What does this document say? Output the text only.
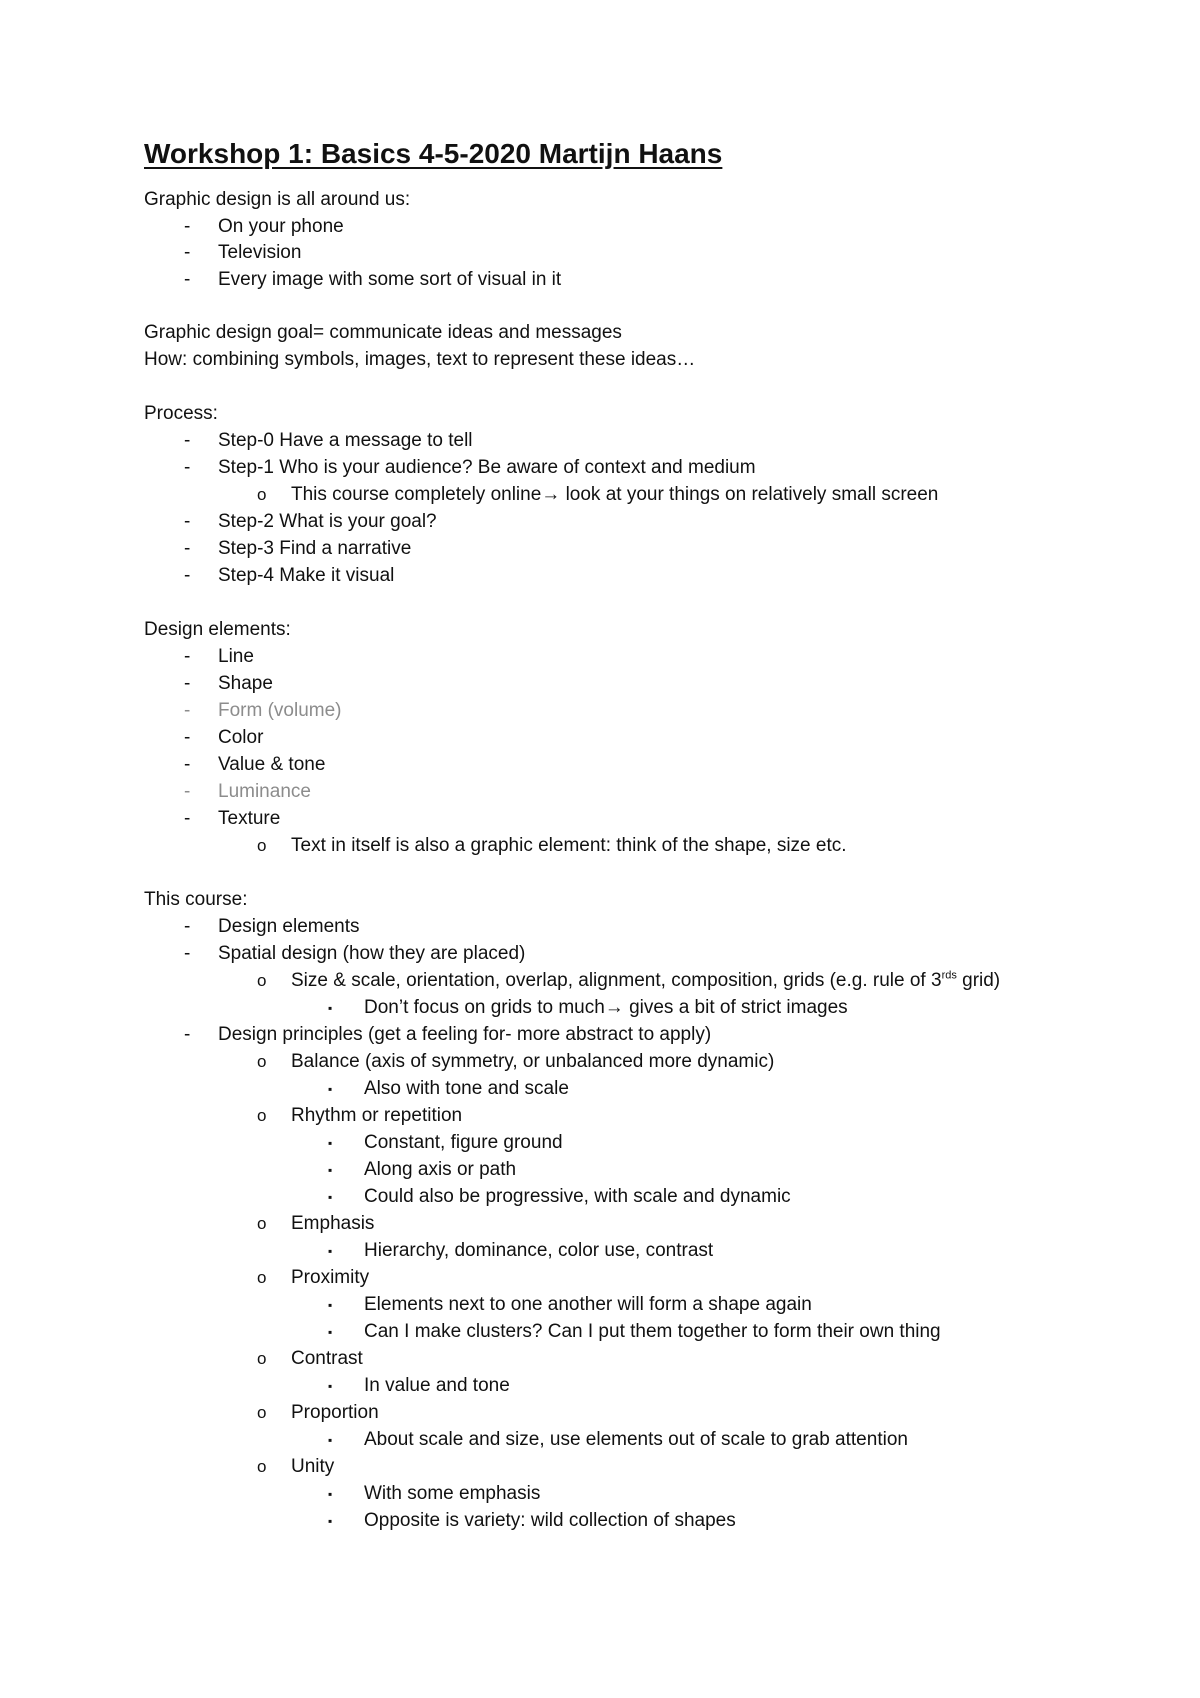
Workshop 1: Basics 4-5-2020 Martijn Haans
Graphic design is all around us:
- On your phone
- Television
- Every image with some sort of visual in it
Graphic design goal= communicate ideas and messages
How: combining symbols, images, text to represent these ideas…
Process:
- Step-0 Have a message to tell
- Step-1 Who is your audience? Be aware of context and medium
o This course completely online→ look at your things on relatively small screen
- Step-2 What is your goal?
- Step-3 Find a narrative
- Step-4 Make it visual
Design elements:
- Line
- Shape
- Form (volume)
- Color
- Value & tone
- Luminance
- Texture
o Text in itself is also a graphic element: think of the shape, size etc.
This course:
- Design elements
- Spatial design (how they are placed)
o Size & scale, orientation, overlap, alignment, composition, grids (e.g. rule of $3^{rds}$ grid)
▪ Don’t focus on grids to much→ gives a bit of strict images
- Design principles (get a feeling for- more abstract to apply)
o Balance (axis of symmetry, or unbalanced more dynamic)
▪ Also with tone and scale
o Rhythm or repetition
▪ Constant, figure ground
▪ Along axis or path
▪ Could also be progressive, with scale and dynamic
o Emphasis
▪ Hierarchy, dominance, color use, contrast
o Proximity
▪ Elements next to one another will form a shape again
▪ Can I make clusters? Can I put them together to form their own thing
o Contrast
▪ In value and tone
o Proportion
▪ About scale and size, use elements out of scale to grab attention
o Unity
▪ With some emphasis
▪ Opposite is variety: wild collection of shapes
